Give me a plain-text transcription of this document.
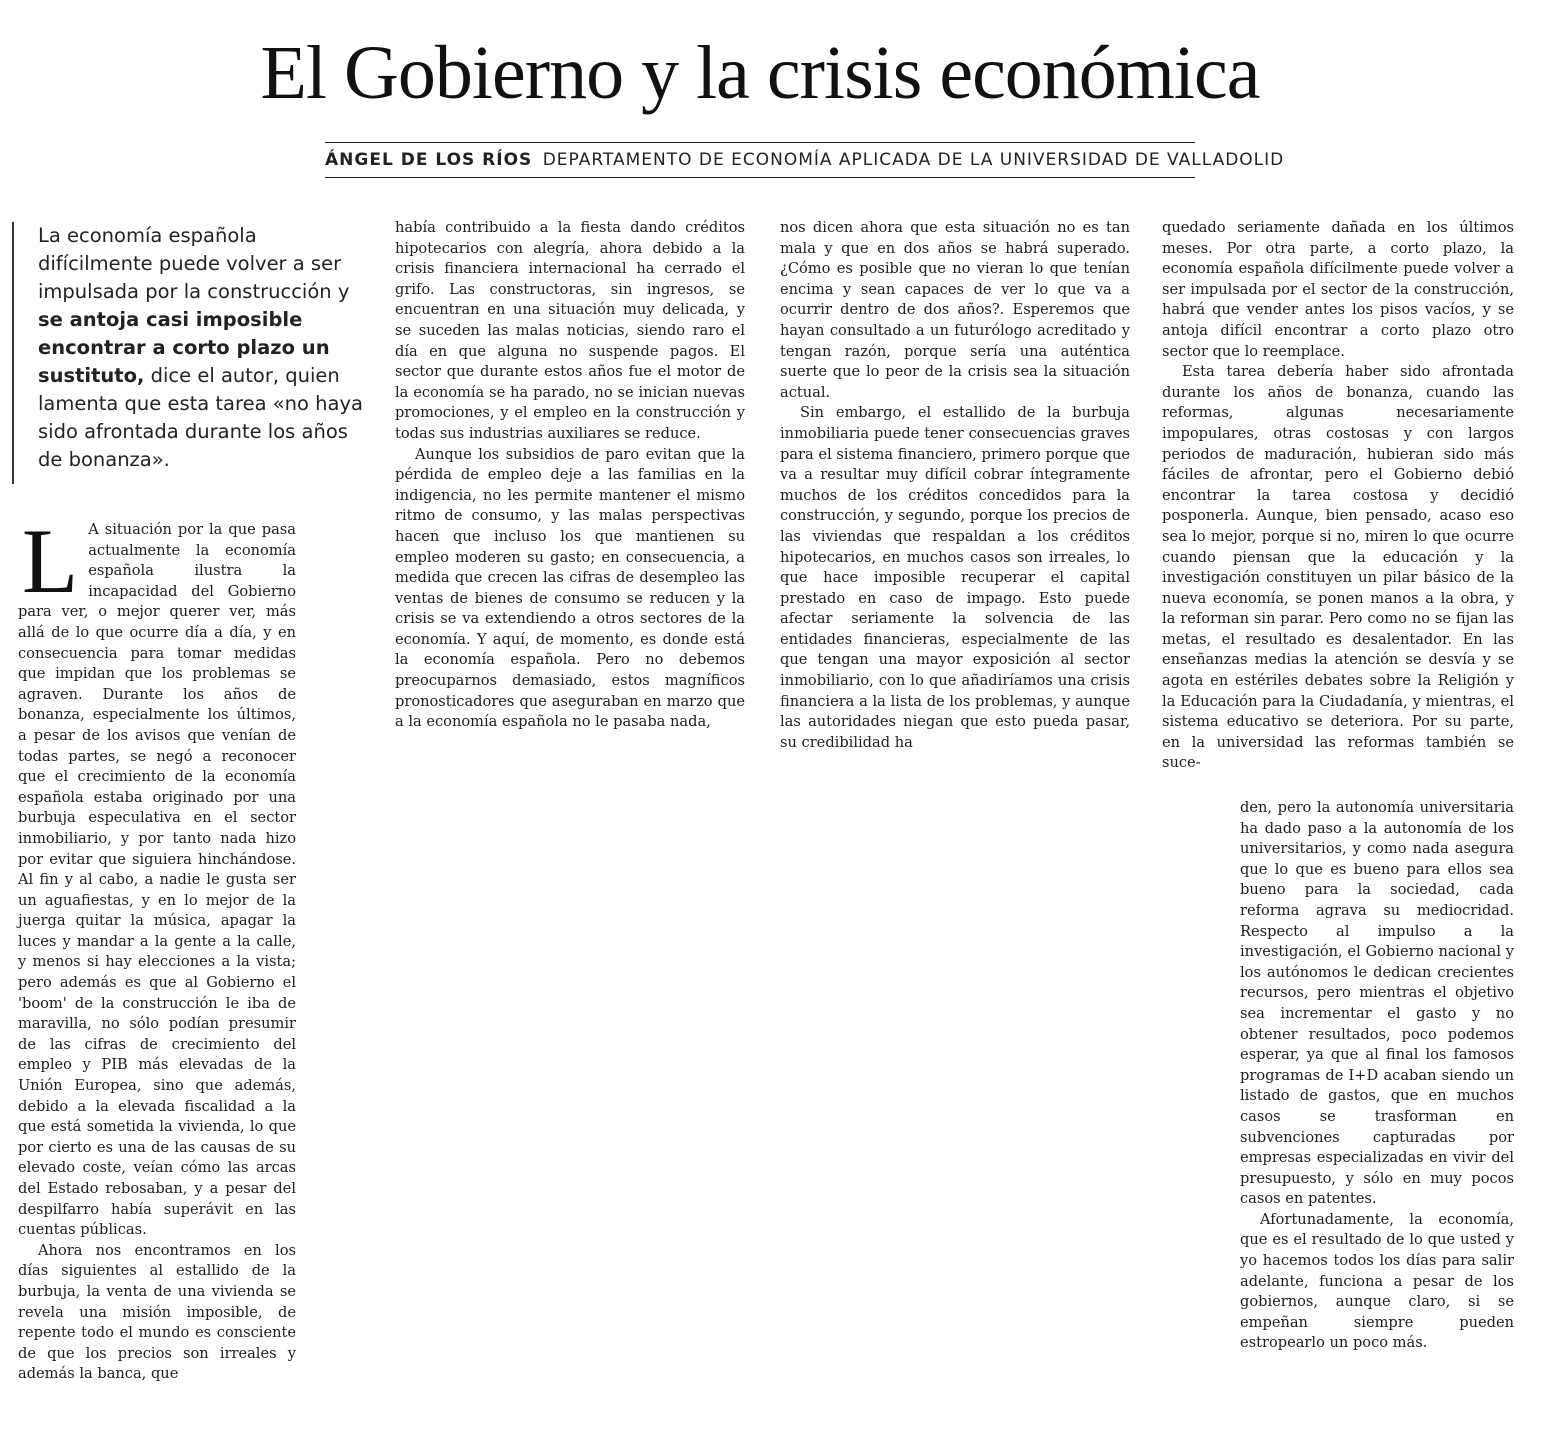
El Gobierno y la crisis económica
ÁNGEL DE LOS RÍOS DEPARTAMENTO DE ECONOMÍA APLICADA DE LA UNIVERSIDAD DE VALLADOLID

La economía española difícilmente puede volver a ser impulsada por la construcción y se antoja casi imposible encontrar a corto plazo un sustituto, dice el autor, quien lamenta que esta tarea «no haya sido afrontada durante los años de bonanza».

L A situación por la que pasa actualmente la economía española ilustra la incapacidad del Gobierno para ver, o mejor querer ver, más allá de lo que ocurre día a día, y en consecuencia para tomar medidas que impidan que los problemas se agraven. Durante los años de bonanza, especialmente los últimos, a pesar de los avisos que venían de todas partes, se negó a reconocer que el crecimiento de la economía española estaba originado por una burbuja especulativa en el sector inmobiliario, y por tanto nada hizo por evitar que siguiera hinchándose. Al fin y al cabo, a nadie le gusta ser un aguafiestas, y en lo mejor de la juerga quitar la música, apagar la luces y mandar a la gente a la calle, y menos si hay elecciones a la vista; pero además es que al Gobierno el 'boom' de la construcción le iba de maravilla, no sólo podían presumir de las cifras de crecimiento del empleo y PIB más elevadas de la Unión Europea, sino que además, debido a la elevada fiscalidad a la que está sometida la vivienda, lo que por cierto es una de las causas de su elevado coste, veían cómo las arcas del Estado rebosaban, y a pesar del despilfarro había superávit en las cuentas públicas.

Ahora nos encontramos en los días siguientes al estallido de la burbuja, la venta de una vivienda se revela una misión imposible, de repente todo el mundo es consciente de que los precios son irreales y además la banca, que

había contribuido a la fiesta dando créditos hipotecarios con alegría, ahora debido a la crisis financiera internacional ha cerrado el grifo. Las constructoras, sin ingresos, se encuentran en una situación muy delicada, y se suceden las malas noticias, siendo raro el día en que alguna no suspende pagos. El sector que durante estos años fue el motor de la economía se ha parado, no se inician nuevas promociones, y el empleo en la construcción y todas sus industrias auxiliares se reduce.

Aunque los subsidios de paro evitan que la pérdida de empleo deje a las familias en la indigencia, no les permite mantener el mismo ritmo de consumo, y las malas perspectivas hacen que incluso los que mantienen su empleo moderen su gasto; en consecuencia, a medida que crecen las cifras de desempleo las ventas de bienes de consumo se reducen y la crisis se va extendiendo a otros sectores de la economía. Y aquí, de momento, es donde está la economía española. Pero no debemos preocuparnos demasiado, estos magníficos pronosticadores que aseguraban en marzo que a la economía española no le pasaba nada,

nos dicen ahora que esta situación no es tan mala y que en dos años se habrá superado. ¿Cómo es posible que no vieran lo que tenían encima y sean capaces de ver lo que va a ocurrir dentro de dos años?. Esperemos que hayan consultado a un futurólogo acreditado y tengan razón, porque sería una auténtica suerte que lo peor de la crisis sea la situación actual.

Sin embargo, el estallido de la burbuja inmobiliaria puede tener consecuencias graves para el sistema financiero, primero porque que va a resultar muy difícil cobrar íntegramente muchos de los créditos concedidos para la construcción, y segundo, porque los precios de las viviendas que respaldan a los créditos hipotecarios, en muchos casos son irreales, lo que hace imposible recuperar el capital prestado en caso de impago. Esto puede afectar seriamente la solvencia de las entidades financieras, especialmente de las que tengan una mayor exposición al sector inmobiliario, con lo que añadiríamos una crisis financiera a la lista de los problemas, y aunque las autoridades niegan que esto pueda pasar, su credibilidad ha

quedado seriamente dañada en los últimos meses. Por otra parte, a corto plazo, la economía española difícilmente puede volver a ser impulsada por el sector de la construcción, habrá que vender antes los pisos vacíos, y se antoja difícil encontrar a corto plazo otro sector que lo reemplace.

Esta tarea debería haber sido afrontada durante los años de bonanza, cuando las reformas, algunas necesariamente impopulares, otras costosas y con largos periodos de maduración, hubieran sido más fáciles de afrontar, pero el Gobierno debió encontrar la tarea costosa y decidió posponerla. Aunque, bien pensado, acaso eso sea lo mejor, porque si no, miren lo que ocurre cuando piensan que la educación y la investigación constituyen un pilar básico de la nueva economía, se ponen manos a la obra, y la reforman sin parar. Pero como no se fijan las metas, el resultado es desalentador. En las enseñanzas medias la atención se desvía y se agota en estériles debates sobre la Religión y la Educación para la Ciudadanía, y mientras, el sistema educativo se deteriora. Por su parte, en la universidad las reformas también se suce-

den, pero la autonomía universitaria ha dado paso a la autonomía de los universitarios, y como nada asegura que lo que es bueno para ellos sea bueno para la sociedad, cada reforma agrava su mediocridad. Respecto al impulso a la investigación, el Gobierno nacional y los autónomos le dedican crecientes recursos, pero mientras el objetivo sea incrementar el gasto y no obtener resultados, poco podemos esperar, ya que al final los famosos programas de I+D acaban siendo un listado de gastos, que en muchos casos se trasforman en subvenciones capturadas por empresas especializadas en vivir del presupuesto, y sólo en muy pocos casos en patentes.

Afortunadamente, la economía, que es el resultado de lo que usted y yo hacemos todos los días para salir adelante, funciona a pesar de los gobiernos, aunque claro, si se empeñan siempre pueden estropearlo un poco más.
